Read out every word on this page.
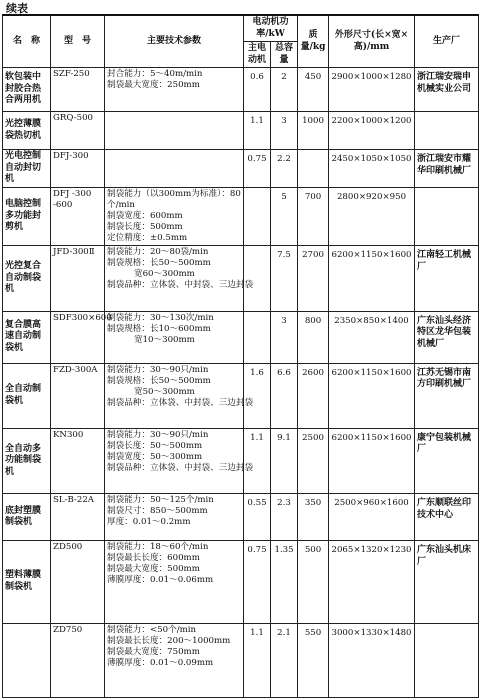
续表
名　称	型　号	主要技术参数	电动机功率/kW		质量/kg	外形尺寸(长×宽×高)/mm	生产厂
			主电动机	总容量			
软包装中封胶合热合两用机	SZF-250	封合能力：5～40m/min
制袋最大宽度：250mm	0.6	2	450	2900×1000×1280	浙江瑞安瑞申机械实业公司
光控薄膜袋热切机	GRQ-500		1.1	3	1000	2200×1000×1200	
光电控制自动封切机	DFJ-300		0.75	2.2		2450×1050×1050	浙江瑞安市耀华印刷机械厂
电脑控制多功能封剪机	DFJ -300 -600	制袋能力（以300mm为标准）：80个/min
制袋宽度：600mm
制袋长度：500mm
定位精度：±0.5mm		5	700	2800×920×950	
光控复合自动制袋机	JFD-300Ⅱ	制袋能力：20～80袋/min
制袋规格：长50～500mm
宽60～300mm
制袋品种：立体袋、中封袋、三边封袋		7.5	2700	6200×1150×1600	江南轻工机械厂
复合膜高速自动制袋机	SDF300×600	制袋能力：30～130次/min
制袋规格：长10～600mm
宽10～300mm		3	800	2350×850×1400	广东汕头经济特区龙华包装机械厂
全自动制袋机	FZD-300A	制袋能力：30～90只/min
制袋规格：长50～500mm
宽50～300mm
制袋品种：立体袋、中封袋、三边封袋	1.6	6.6	2600	6200×1150×1600	江苏无锡市南方印刷机械厂
全自动多功能制袋机	KN300	制袋能力：30～90只/min
制袋长度：50～500mm
制袋宽度：50～300mm
制袋品种：立体袋、中封袋、三边封袋	1.1	9.1	2500	6200×1150×1600	康宁包装机械厂
底封塑膜制袋机	SL-B-22A	制袋能力：50～125个/min
制袋尺寸：850～500mm
厚度：0.01～0.2mm	0.55	2.3	350	2500×960×1600	广东顺联丝印技术中心
塑料薄膜制袋机	ZD500	制袋能力：18～60个/min
制袋最长长度：600mm
制袋最大宽度：500mm
薄膜厚度：0.01～0.06mm	0.75	1.35	500	2065×1320×1230	广东汕头机床厂
	ZD750	制袋能力：<50个/min
制袋最长长度：200～1000mm
制袋最大宽度：750mm
薄膜厚度：0.01～0.09mm	1.1	2.1	550	3000×1330×1480	
